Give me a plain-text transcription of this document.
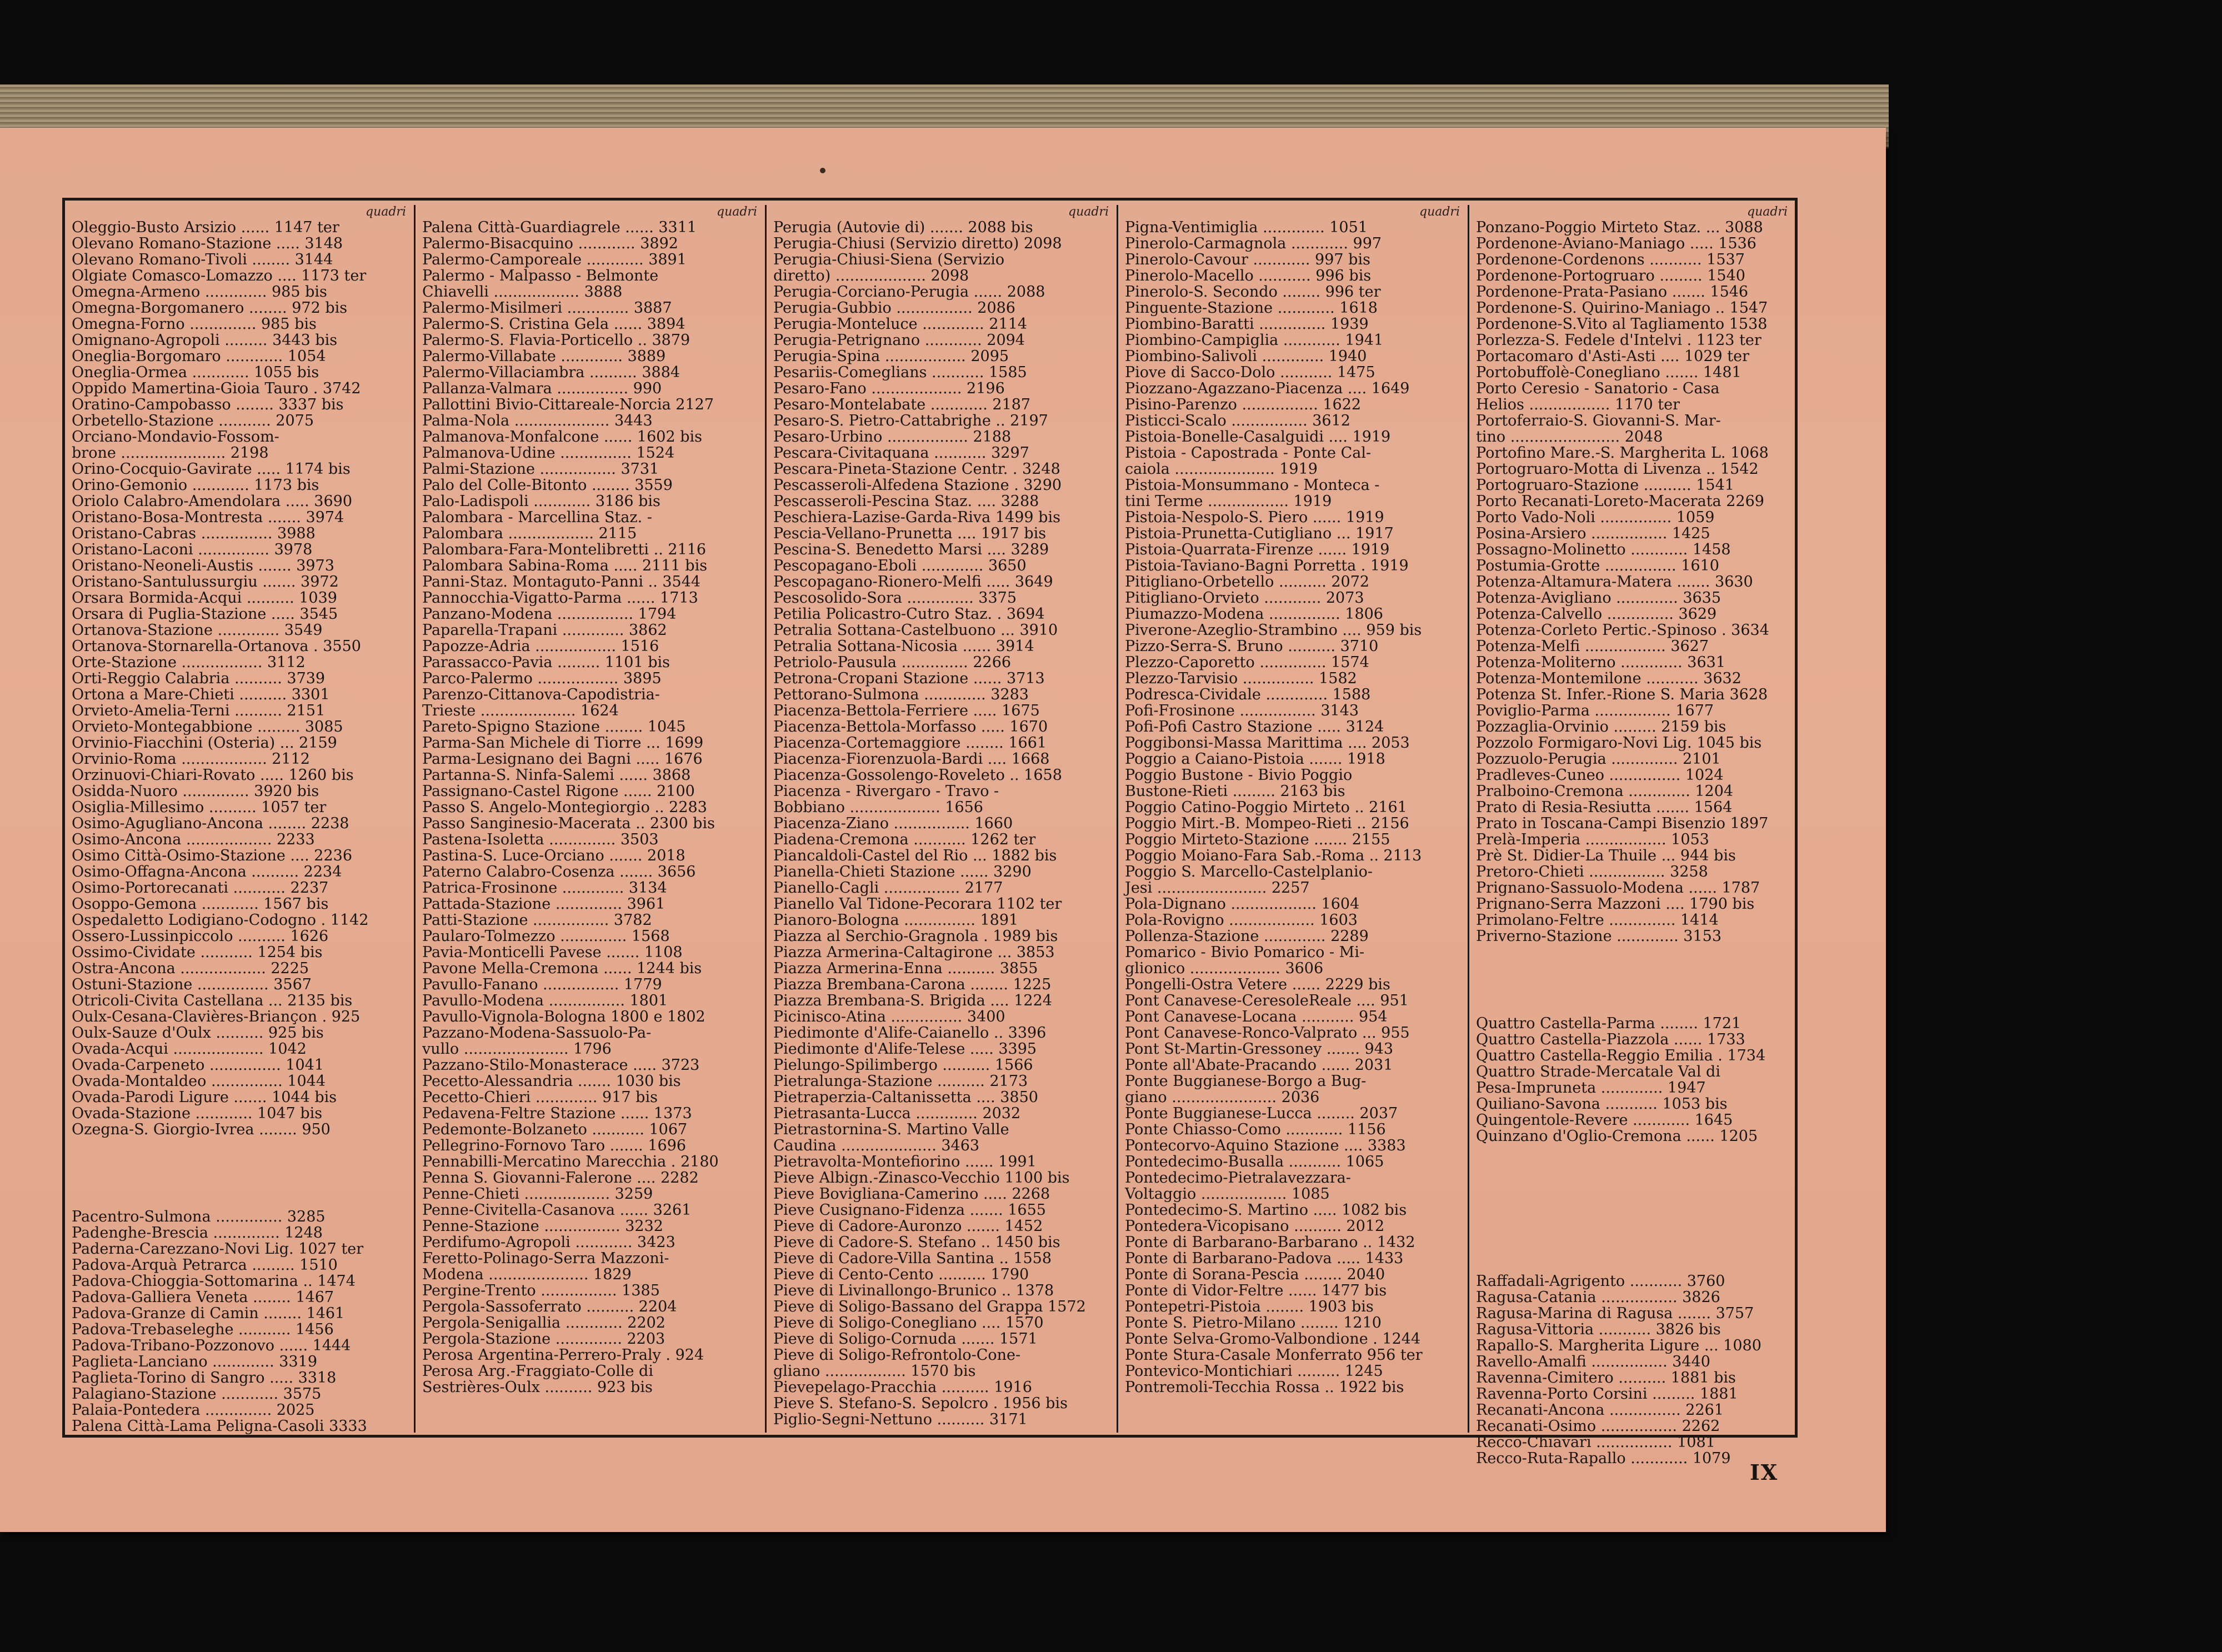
quadri
Oleggio-Busto Arsizio ...... 1147 ter
Olevano Romano-Stazione ..... 3148
Olevano Romano-Tivoli ........ 3144
Olgiate Comasco-Lomazzo .... 1173 ter
Omegna-Armeno ............. 985 bis
Omegna-Borgomanero ........ 972 bis
Omegna-Forno .............. 985 bis
Omignano-Agropoli ......... 3443 bis
Oneglia-Borgomaro ............ 1054
Oneglia-Ormea ............ 1055 bis
Oppido Mamertina-Gioia Tauro . 3742
Oratino-Campobasso ........ 3337 bis
Orbetello-Stazione ........... 2075
Orciano-Mondavio-Fossom-
brone ...................... 2198
Orino-Cocquio-Gavirate ..... 1174 bis
Orino-Gemonio ............ 1173 bis
Oriolo Calabro-Amendolara ..... 3690
Oristano-Bosa-Montresta ....... 3974
Oristano-Cabras ............... 3988
Oristano-Laconi ............... 3978
Oristano-Neoneli-Austis ....... 3973
Oristano-Santulussurgiu ....... 3972
Orsara Bormida-Acqui .......... 1039
Orsara di Puglia-Stazione ..... 3545
Ortanova-Stazione ............. 3549
Ortanova-Stornarella-Ortanova . 3550
Orte-Stazione ................. 3112
Orti-Reggio Calabria .......... 3739
Ortona a Mare-Chieti .......... 3301
Orvieto-Amelia-Terni .......... 2151
Orvieto-Montegabbione ......... 3085
Orvinio-Fiacchini (Osteria) ... 2159
Orvinio-Roma .................. 2112
Orzinuovi-Chiari-Rovato ..... 1260 bis
Osidda-Nuoro .............. 3920 bis
Osiglia-Millesimo .......... 1057 ter
Osimo-Agugliano-Ancona ........ 2238
Osimo-Ancona .................. 2233
Osimo Città-Osimo-Stazione .... 2236
Osimo-Offagna-Ancona .......... 2234
Osimo-Portorecanati ........... 2237
Osoppo-Gemona ............ 1567 bis
Ospedaletto Lodigiano-Codogno . 1142
Ossero-Lussinpiccolo .......... 1626
Ossimo-Cividate ........... 1254 bis
Ostra-Ancona .................. 2225
Ostuni-Stazione ............... 3567
Otricoli-Civita Castellana ... 2135 bis
Oulx-Cesana-Clavières-Briançon . 925
Oulx-Sauze d'Oulx .......... 925 bis
Ovada-Acqui ................... 1042
Ovada-Carpeneto ............... 1041
Ovada-Montaldeo ............... 1044
Ovada-Parodi Ligure ....... 1044 bis
Ovada-Stazione ............ 1047 bis
Ozegna-S. Giorgio-Ivrea ........ 950
Pacentro-Sulmona .............. 3285
Padenghe-Brescia .............. 1248
Paderna-Carezzano-Novi Lig. 1027 ter
Padova-Arquà Petrarca ......... 1510
Padova-Chioggia-Sottomarina .. 1474
Padova-Galliera Veneta ........ 1467
Padova-Granze di Camin ........ 1461
Padova-Trebaseleghe ........... 1456
Padova-Tribano-Pozzonovo ...... 1444
Paglieta-Lanciano ............. 3319
Paglieta-Torino di Sangro ..... 3318
Palagiano-Stazione ............ 3575
Palaia-Pontedera .............. 2025
Palena Città-Lama Peligna-Casoli 3333
quadri
Palena Città-Guardiagrele ...... 3311
Palermo-Bisacquino ............ 3892
Palermo-Camporeale ............ 3891
Palermo - Malpasso - Belmonte
Chiavelli .................. 3888
Palermo-Misilmeri ............. 3887
Palermo-S. Cristina Gela ...... 3894
Palermo-S. Flavia-Porticello .. 3879
Palermo-Villabate ............. 3889
Palermo-Villaciambra .......... 3884
Pallanza-Valmara ............... 990
Pallottini Bivio-Cittareale-Norcia 2127
Palma-Nola .................... 3443
Palmanova-Monfalcone ...... 1602 bis
Palmanova-Udine ............... 1524
Palmi-Stazione ................ 3731
Palo del Colle-Bitonto ........ 3559
Palo-Ladispoli ............ 3186 bis
Palombara - Marcellina Staz. -
Palombara .................. 2115
Palombara-Fara-Montelibretti .. 2116
Palombara Sabina-Roma ..... 2111 bis
Panni-Staz. Montaguto-Panni .. 3544
Pannocchia-Vigatto-Parma ...... 1713
Panzano-Modena ................ 1794
Paparella-Trapani ............. 3862
Papozze-Adria ................. 1516
Parassacco-Pavia ......... 1101 bis
Parco-Palermo ................. 3895
Parenzo-Cittanova-Capodistria-
Trieste .................... 1624
Pareto-Spigno Stazione ........ 1045
Parma-San Michele di Tiorre ... 1699
Parma-Lesignano dei Bagni ..... 1676
Partanna-S. Ninfa-Salemi ...... 3868
Passignano-Castel Rigone ...... 2100
Passo S. Angelo-Montegiorgio .. 2283
Passo Sanginesio-Macerata .. 2300 bis
Pastena-Isoletta .............. 3503
Pastina-S. Luce-Orciano ....... 2018
Paterno Calabro-Cosenza ....... 3656
Patrica-Frosinone ............. 3134
Pattada-Stazione .............. 3961
Patti-Stazione ................ 3782
Paularo-Tolmezzo .............. 1568
Pavia-Monticelli Pavese ....... 1108
Pavone Mella-Cremona ...... 1244 bis
Pavullo-Fanano ................ 1779
Pavullo-Modena ................ 1801
Pavullo-Vignola-Bologna 1800 e 1802
Pazzano-Modena-Sassuolo-Pa-
vullo ...................... 1796
Pazzano-Stilo-Monasterace ..... 3723
Pecetto-Alessandria ....... 1030 bis
Pecetto-Chieri ............. 917 bis
Pedavena-Feltre Stazione ...... 1373
Pedemonte-Bolzaneto ........... 1067
Pellegrino-Fornovo Taro ....... 1696
Pennabilli-Mercatino Marecchia . 2180
Penna S. Giovanni-Falerone .... 2282
Penne-Chieti .................. 3259
Penne-Civitella-Casanova ...... 3261
Penne-Stazione ................ 3232
Perdifumo-Agropoli ............ 3423
Feretto-Polinago-Serra Mazzoni-
Modena ..................... 1829
Pergine-Trento ................ 1385
Pergola-Sassoferrato .......... 2204
Pergola-Senigallia ............ 2202
Pergola-Stazione .............. 2203
Perosa Argentina-Perrero-Praly . 924
Perosa Arg.-Fraggiato-Colle di
Sestrières-Oulx .......... 923 bis
quadri
Perugia (Autovie di) ....... 2088 bis
Perugia-Chiusi (Servizio diretto) 2098
Perugia-Chiusi-Siena (Servizio
diretto) ................... 2098
Perugia-Corciano-Perugia ...... 2088
Perugia-Gubbio ................ 2086
Perugia-Monteluce ............. 2114
Perugia-Petrignano ............ 2094
Perugia-Spina ................. 2095
Pesariis-Comeglians ........... 1585
Pesaro-Fano ................... 2196
Pesaro-Montelabate ............ 2187
Pesaro-S. Pietro-Cattabrighe .. 2197
Pesaro-Urbino ................. 2188
Pescara-Civitaquana ........... 3297
Pescara-Pineta-Stazione Centr. . 3248
Pescasseroli-Alfedena Stazione . 3290
Pescasseroli-Pescina Staz. .... 3288
Peschiera-Lazise-Garda-Riva 1499 bis
Pescia-Vellano-Prunetta .... 1917 bis
Pescina-S. Benedetto Marsi .... 3289
Pescopagano-Eboli ............. 3650
Pescopagano-Rionero-Melfi ..... 3649
Pescosolido-Sora .............. 3375
Petilia Policastro-Cutro Staz. . 3694
Petralia Sottana-Castelbuono ... 3910
Petralia Sottana-Nicosia ...... 3914
Petriolo-Pausula .............. 2266
Petrona-Cropani Stazione ...... 3713
Pettorano-Sulmona ............. 3283
Piacenza-Bettola-Ferriere ..... 1675
Piacenza-Bettola-Morfasso ..... 1670
Piacenza-Cortemaggiore ........ 1661
Piacenza-Fiorenzuola-Bardi .... 1668
Piacenza-Gossolengo-Roveleto .. 1658
Piacenza - Rivergaro - Travo -
Bobbiano ................... 1656
Piacenza-Ziano ................ 1660
Piadena-Cremona ........... 1262 ter
Piancaldoli-Castel del Rio ... 1882 bis
Pianella-Chieti Stazione ...... 3290
Pianello-Cagli ................ 2177
Pianello Val Tidone-Pecorara 1102 ter
Pianoro-Bologna ............... 1891
Piazza al Serchio-Gragnola . 1989 bis
Piazza Armerina-Caltagirone ... 3853
Piazza Armerina-Enna .......... 3855
Piazza Brembana-Carona ........ 1225
Piazza Brembana-S. Brigida .... 1224
Picinisco-Atina ............... 3400
Piedimonte d'Alife-Caianello .. 3396
Piedimonte d'Alife-Telese ..... 3395
Pielungo-Spilimbergo .......... 1566
Pietralunga-Stazione .......... 2173
Pietraperzia-Caltanissetta .... 3850
Pietrasanta-Lucca ............. 2032
Pietrastornina-S. Martino Valle
Caudina .................... 3463
Pietravolta-Montefiorino ...... 1991
Pieve Albign.-Zinasco-Vecchio 1100 bis
Pieve Bovigliana-Camerino ..... 2268
Pieve Cusignano-Fidenza ....... 1655
Pieve di Cadore-Auronzo ....... 1452
Pieve di Cadore-S. Stefano .. 1450 bis
Pieve di Cadore-Villa Santina .. 1558
Pieve di Cento-Cento .......... 1790
Pieve di Livinallongo-Brunico .. 1378
Pieve di Soligo-Bassano del Grappa 1572
Pieve di Soligo-Conegliano .... 1570
Pieve di Soligo-Cornuda ....... 1571
Pieve di Soligo-Refrontolo-Cone-
gliano ................. 1570 bis
Pievepelago-Pracchia .......... 1916
Pieve S. Stefano-S. Sepolcro . 1956 bis
Piglio-Segni-Nettuno .......... 3171
quadri
Pigna-Ventimiglia ............. 1051
Pinerolo-Carmagnola ............ 997
Pinerolo-Cavour ............ 997 bis
Pinerolo-Macello ........... 996 bis
Pinerolo-S. Secondo ........ 996 ter
Pinguente-Stazione ............ 1618
Piombino-Baratti .............. 1939
Piombino-Campiglia ............ 1941
Piombino-Salivoli ............. 1940
Piove di Sacco-Dolo ........... 1475
Piozzano-Agazzano-Piacenza .... 1649
Pisino-Parenzo ................ 1622
Pisticci-Scalo ................ 3612
Pistoia-Bonelle-Casalguidi .... 1919
Pistoia - Capostrada - Ponte Cal-
caiola ..................... 1919
Pistoia-Monsummano - Monteca -
tini Terme ................. 1919
Pistoia-Nespolo-S. Piero ...... 1919
Pistoia-Prunetta-Cutigliano ... 1917
Pistoia-Quarrata-Firenze ...... 1919
Pistoia-Taviano-Bagni Porretta . 1919
Pitigliano-Orbetello .......... 2072
Pitigliano-Orvieto ............ 2073
Piumazzo-Modena ............... 1806
Piverone-Azeglio-Strambino .... 959 bis
Pizzo-Serra-S. Bruno .......... 3710
Plezzo-Caporetto .............. 1574
Plezzo-Tarvisio ............... 1582
Podresca-Cividale ............. 1588
Pofi-Frosinone ................ 3143
Pofi-Pofi Castro Stazione ..... 3124
Poggibonsi-Massa Marittima .... 2053
Poggio a Caiano-Pistoia ....... 1918
Poggio Bustone - Bivio Poggio
Bustone-Rieti ......... 2163 bis
Poggio Catino-Poggio Mirteto .. 2161
Poggio Mirt.-B. Mompeo-Rieti .. 2156
Poggio Mirteto-Stazione ....... 2155
Poggio Moiano-Fara Sab.-Roma .. 2113
Poggio S. Marcello-Castelplanio-
Jesi ....................... 2257
Pola-Dignano .................. 1604
Pola-Rovigno .................. 1603
Pollenza-Stazione ............. 2289
Pomarico - Bivio Pomarico - Mi-
glionico ................... 3606
Pongelli-Ostra Vetere ...... 2229 bis
Pont Canavese-CeresoleReale .... 951
Pont Canavese-Locana ........... 954
Pont Canavese-Ronco-Valprato ... 955
Pont St-Martin-Gressoney ....... 943
Ponte all'Abate-Pracando ...... 2031
Ponte Buggianese-Borgo a Bug-
giano ...................... 2036
Ponte Buggianese-Lucca ........ 2037
Ponte Chiasso-Como ............ 1156
Pontecorvo-Aquino Stazione .... 3383
Pontedecimo-Busalla ........... 1065
Pontedecimo-Pietralavezzara-
Voltaggio .................. 1085
Pontedecimo-S. Martino ..... 1082 bis
Pontedera-Vicopisano .......... 2012
Ponte di Barbarano-Barbarano .. 1432
Ponte di Barbarano-Padova ..... 1433
Ponte di Sorana-Pescia ........ 2040
Ponte di Vidor-Feltre ...... 1477 bis
Pontepetri-Pistoia ........ 1903 bis
Ponte S. Pietro-Milano ........ 1210
Ponte Selva-Gromo-Valbondione . 1244
Ponte Stura-Casale Monferrato 956 ter
Pontevico-Montichiari ......... 1245
Pontremoli-Tecchia Rossa .. 1922 bis
quadri
Ponzano-Poggio Mirteto Staz. ... 3088
Pordenone-Aviano-Maniago ..... 1536
Pordenone-Cordenons ........... 1537
Pordenone-Portogruaro ......... 1540
Pordenone-Prata-Pasiano ....... 1546
Pordenone-S. Quirino-Maniago .. 1547
Pordenone-S.Vito al Tagliamento 1538
Porlezza-S. Fedele d'Intelvi . 1123 ter
Portacomaro d'Asti-Asti .... 1029 ter
Portobuffolè-Conegliano ....... 1481
Porto Ceresio - Sanatorio - Casa
Helios ................. 1170 ter
Portoferraio-S. Giovanni-S. Mar-
tino ....................... 2048
Portofino Mare.-S. Margherita L. 1068
Portogruaro-Motta di Livenza .. 1542
Portogruaro-Stazione .......... 1541
Porto Recanati-Loreto-Macerata 2269
Porto Vado-Noli ............... 1059
Posina-Arsiero ................ 1425
Possagno-Molinetto ............ 1458
Postumia-Grotte ............... 1610
Potenza-Altamura-Matera ....... 3630
Potenza-Avigliano ............. 3635
Potenza-Calvello .............. 3629
Potenza-Corleto Pertic.-Spinoso . 3634
Potenza-Melfi ................. 3627
Potenza-Moliterno ............. 3631
Potenza-Montemilone ........... 3632
Potenza St. Infer.-Rione S. Maria 3628
Poviglio-Parma ................ 1677
Pozzaglia-Orvinio ......... 2159 bis
Pozzolo Formigaro-Novi Lig. 1045 bis
Pozzuolo-Perugia .............. 2101
Pradleves-Cuneo ............... 1024
Pralboino-Cremona ............. 1204
Prato di Resia-Resiutta ....... 1564
Prato in Toscana-Campi Bisenzio 1897
Prelà-Imperia ................. 1053
Prè St. Didier-La Thuile ... 944 bis
Pretoro-Chieti ................ 3258
Prignano-Sassuolo-Modena ...... 1787
Prignano-Serra Mazzoni .... 1790 bis
Primolano-Feltre .............. 1414
Priverno-Stazione ............. 3153
Quattro Castella-Parma ........ 1721
Quattro Castella-Piazzola ...... 1733
Quattro Castella-Reggio Emilia . 1734
Quattro Strade-Mercatale Val di
Pesa-Impruneta ............. 1947
Quiliano-Savona ........... 1053 bis
Quingentole-Revere ............ 1645
Quinzano d'Oglio-Cremona ...... 1205
Raffadali-Agrigento ........... 3760
Ragusa-Catania ................ 3826
Ragusa-Marina di Ragusa ....... 3757
Ragusa-Vittoria ........... 3826 bis
Rapallo-S. Margherita Ligure ... 1080
Ravello-Amalfi ................ 3440
Ravenna-Cimitero .......... 1881 bis
Ravenna-Porto Corsini ......... 1881
Recanati-Ancona ............... 2261
Recanati-Osimo ................ 2262
Recco-Chiavari ................ 1081
Recco-Ruta-Rapallo ............ 1079
IX
